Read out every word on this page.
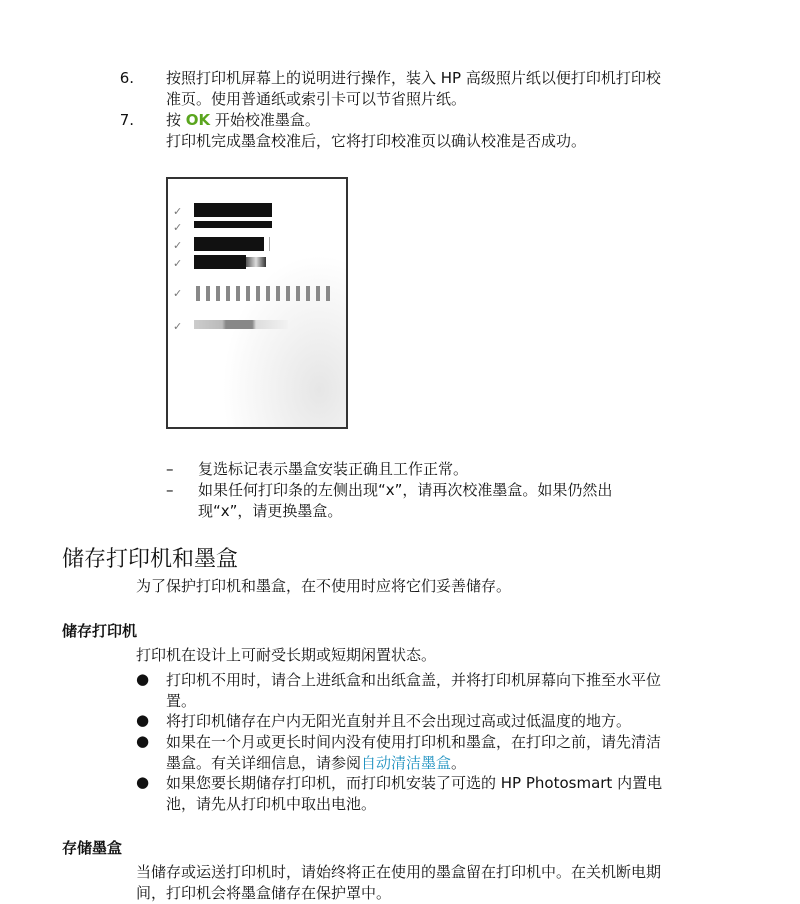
6. 按照打印机屏幕上的说明进行操作，装入 HP 高级照片纸以便打印机打印校
准页。使用普通纸或索引卡可以节省照片纸。
7. 按 OK 开始校准墨盒。
打印机完成墨盒校准后，它将打印校准页以确认校准是否成功。
✓
✓
✓
✓
✓
✓
– 复选标记表示墨盒安装正确且工作正常。
– 如果任何打印条的左侧出现“x”，请再次校准墨盒。如果仍然出
现“x”，请更换墨盒。
储存打印机和墨盒
为了保护打印机和墨盒，在不使用时应将它们妥善储存。
储存打印机
打印机在设计上可耐受长期或短期闲置状态。
● 打印机不用时，请合上进纸盒和出纸盒盖，并将打印机屏幕向下推至水平位
置。
● 将打印机储存在户内无阳光直射并且不会出现过高或过低温度的地方。
● 如果在一个月或更长时间内没有使用打印机和墨盒，在打印之前，请先清洁
墨盒。有关详细信息，请参阅自动清洁墨盒。
● 如果您要长期储存打印机，而打印机安装了可选的 HP Photosmart 内置电
池，请先从打印机中取出电池。
存储墨盒
当储存或运送打印机时，请始终将正在使用的墨盒留在打印机中。在关机断电期
间，打印机会将墨盒储存在保护罩中。
